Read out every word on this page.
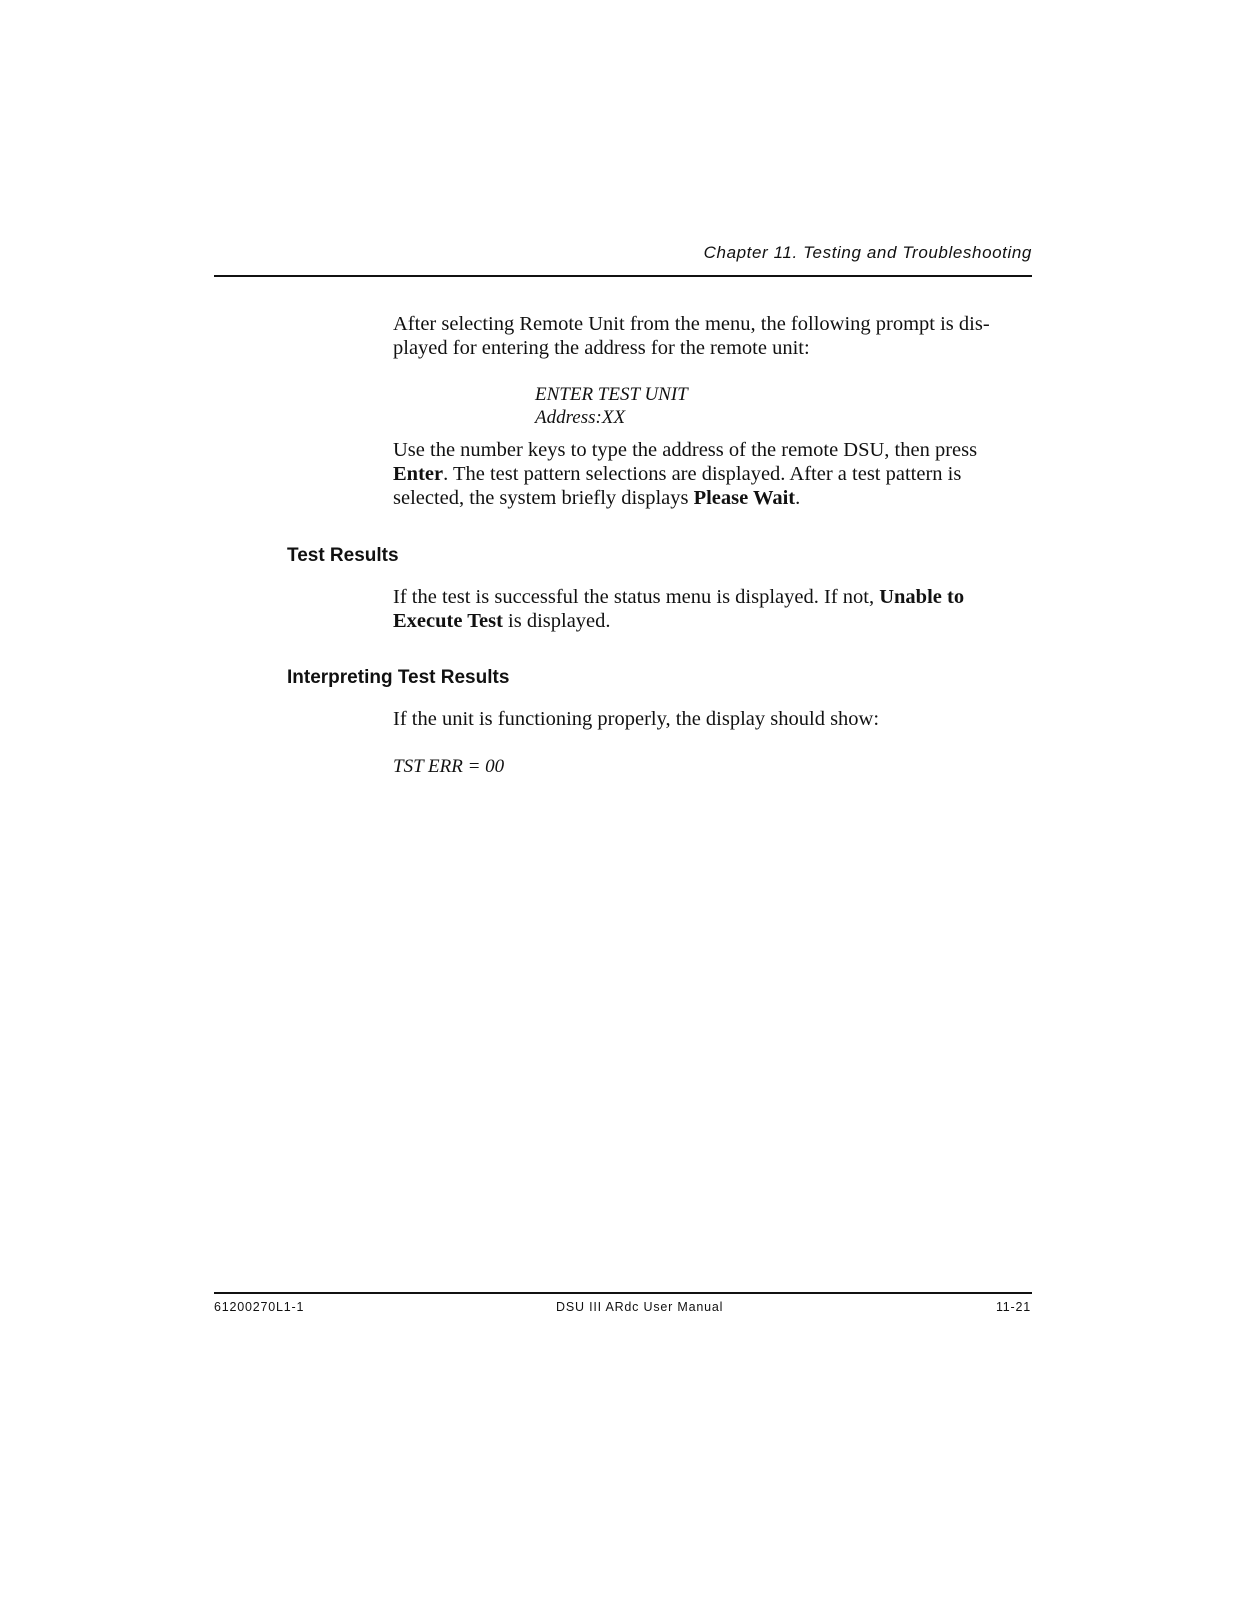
Chapter 11. Testing and Troubleshooting

After selecting Remote Unit from the menu, the following prompt is dis-
played for entering the address for the remote unit:

ENTER TEST UNIT
Address:XX

Use the number keys to type the address of the remote DSU, then press Enter. The test pattern selections are displayed. After a test pattern is selected, the system briefly displays Please Wait.

Test Results

If the test is successful the status menu is displayed. If not, Unable to Execute Test is displayed.

Interpreting Test Results

If the unit is functioning properly, the display should show:

TST ERR = 00
61200270L1-1	DSU III ARdc User Manual	11-21
